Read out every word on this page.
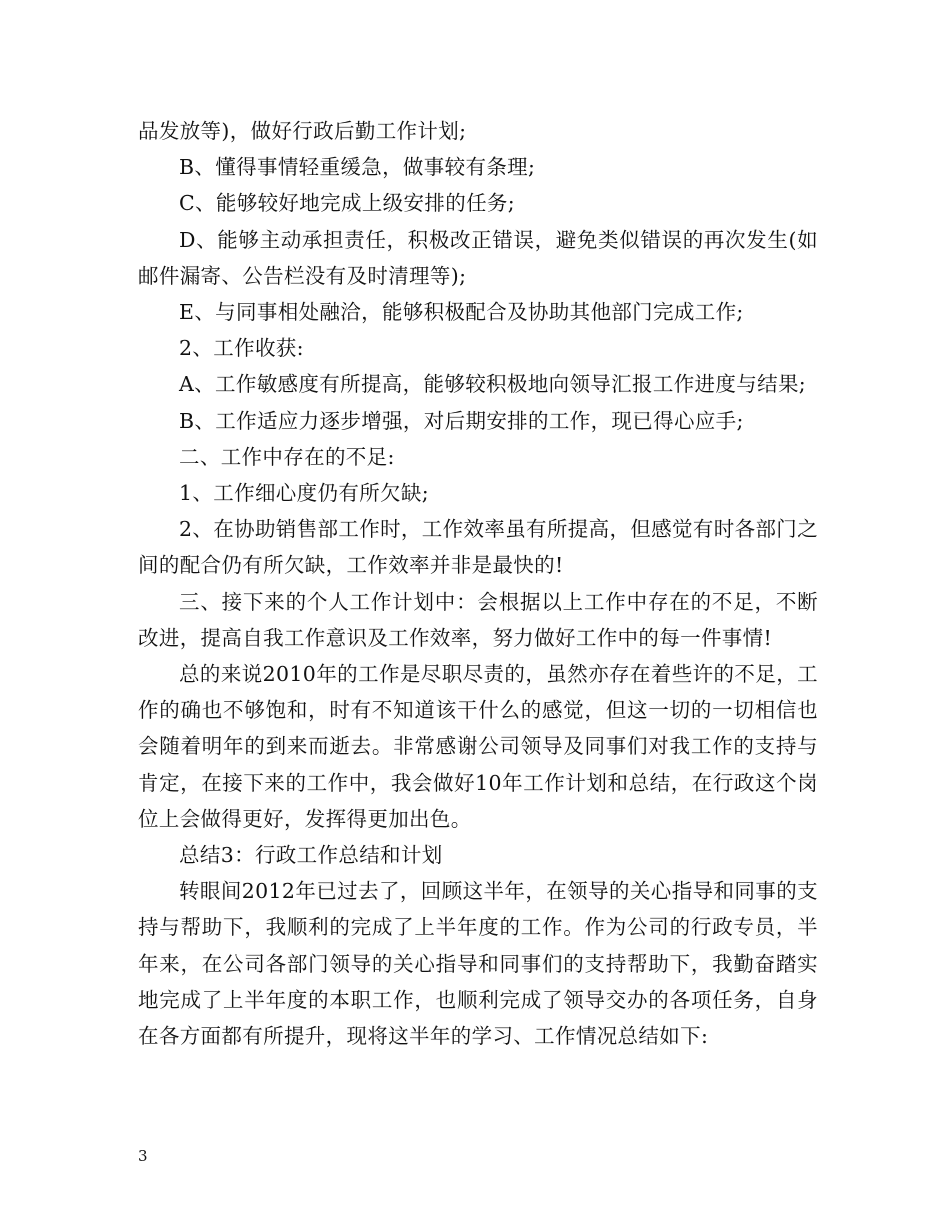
品发放等)，做好行政后勤工作计划;

B、懂得事情轻重缓急，做事较有条理;

C、能够较好地完成上级安排的任务;

D、能够主动承担责任，积极改正错误，避免类似错误的再次发生(如邮件漏寄、公告栏没有及时清理等);

E、与同事相处融洽，能够积极配合及协助其他部门完成工作;

2、工作收获:

A、工作敏感度有所提高，能够较积极地向领导汇报工作进度与结果;

B、工作适应力逐步增强，对后期安排的工作，现已得心应手;

二、工作中存在的不足:

1、工作细心度仍有所欠缺;

2、在协助销售部工作时，工作效率虽有所提高，但感觉有时各部门之间的配合仍有所欠缺，工作效率并非是最快的!

三、接下来的个人工作计划中：会根据以上工作中存在的不足，不断改进，提高自我工作意识及工作效率，努力做好工作中的每一件事情!

总的来说2010年的工作是尽职尽责的，虽然亦存在着些许的不足，工作的确也不够饱和，时有不知道该干什么的感觉，但这一切的一切相信也会随着明年的到来而逝去。非常感谢公司领导及同事们对我工作的支持与肯定，在接下来的工作中，我会做好10年工作计划和总结，在行政这个岗位上会做得更好，发挥得更加出色。

总结3：行政工作总结和计划

转眼间2012年已过去了，回顾这半年，在领导的关心指导和同事的支持与帮助下，我顺利的完成了上半年度的工作。作为公司的行政专员，半年来，在公司各部门领导的关心指导和同事们的支持帮助下，我勤奋踏实地完成了上半年度的本职工作，也顺利完成了领导交办的各项任务，自身在各方面都有所提升，现将这半年的学习、工作情况总结如下:

3
